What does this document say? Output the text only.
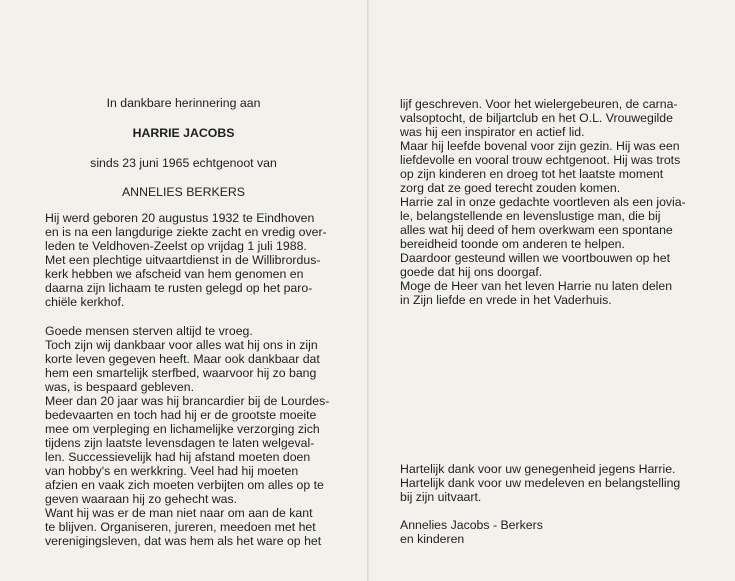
In dankbare herinnering aan
HARRIE JACOBS
sinds 23 juni 1965 echtgenoot van
ANNELIES BERKERS
Hij werd geboren 20 augustus 1932 te Eindhoven
en is na een langdurige ziekte zacht en vredig over-
leden te Veldhoven-Zeelst op vrijdag 1 juli 1988.
Met een plechtige uitvaartdienst in de Willibrordus-
kerk hebben we afscheid van hem genomen en
daarna zijn lichaam te rusten gelegd op het paro-
chiële kerkhof.
Goede mensen sterven altijd te vroeg.
Toch zijn wij dankbaar voor alles wat hij ons in zijn
korte leven gegeven heeft. Maar ook dankbaar dat
hem een smartelijk sterfbed, waarvoor hij zo bang
was, is bespaard gebleven.
Meer dan 20 jaar was hij brancardier bij de Lourdes-
bedevaarten en toch had hij er de grootste moeite
mee om verpleging en lichamelijke verzorging zich
tijdens zijn laatste levensdagen te laten welgeval-
len. Successievelijk had hij afstand moeten doen
van hobby's en werkkring. Veel had hij moeten
afzien en vaak zich moeten verbijten om alles op te
geven waaraan hij zo gehecht was.
Want hij was er de man niet naar om aan de kant
te blijven. Organiseren, jureren, meedoen met het
verenigingsleven, dat was hem als het ware op het
lijf geschreven. Voor het wielergebeuren, de carna-
valsoptocht, de biljartclub en het O.L. Vrouwegilde
was hij een inspirator en actief lid.
Maar hij leefde bovenal voor zijn gezin. Hij was een
liefdevolle en vooral trouw echtgenoot. Hij was trots
op zijn kinderen en droeg tot het laatste moment
zorg dat ze goed terecht zouden komen.
Harrie zal in onze gedachte voortleven als een jovia-
le, belangstellende en levenslustige man, die bij
alles wat hij deed of hem overkwam een spontane
bereidheid toonde om anderen te helpen.
Daardoor gesteund willen we voortbouwen op het
goede dat hij ons doorgaf.
Moge de Heer van het leven Harrie nu laten delen
in Zijn liefde en vrede in het Vaderhuis.
Hartelijk dank voor uw genegenheid jegens Harrie.
Hartelijk dank voor uw medeleven en belangstelling
bij zijn uitvaart.
Annelies Jacobs - Berkers
en kinderen
